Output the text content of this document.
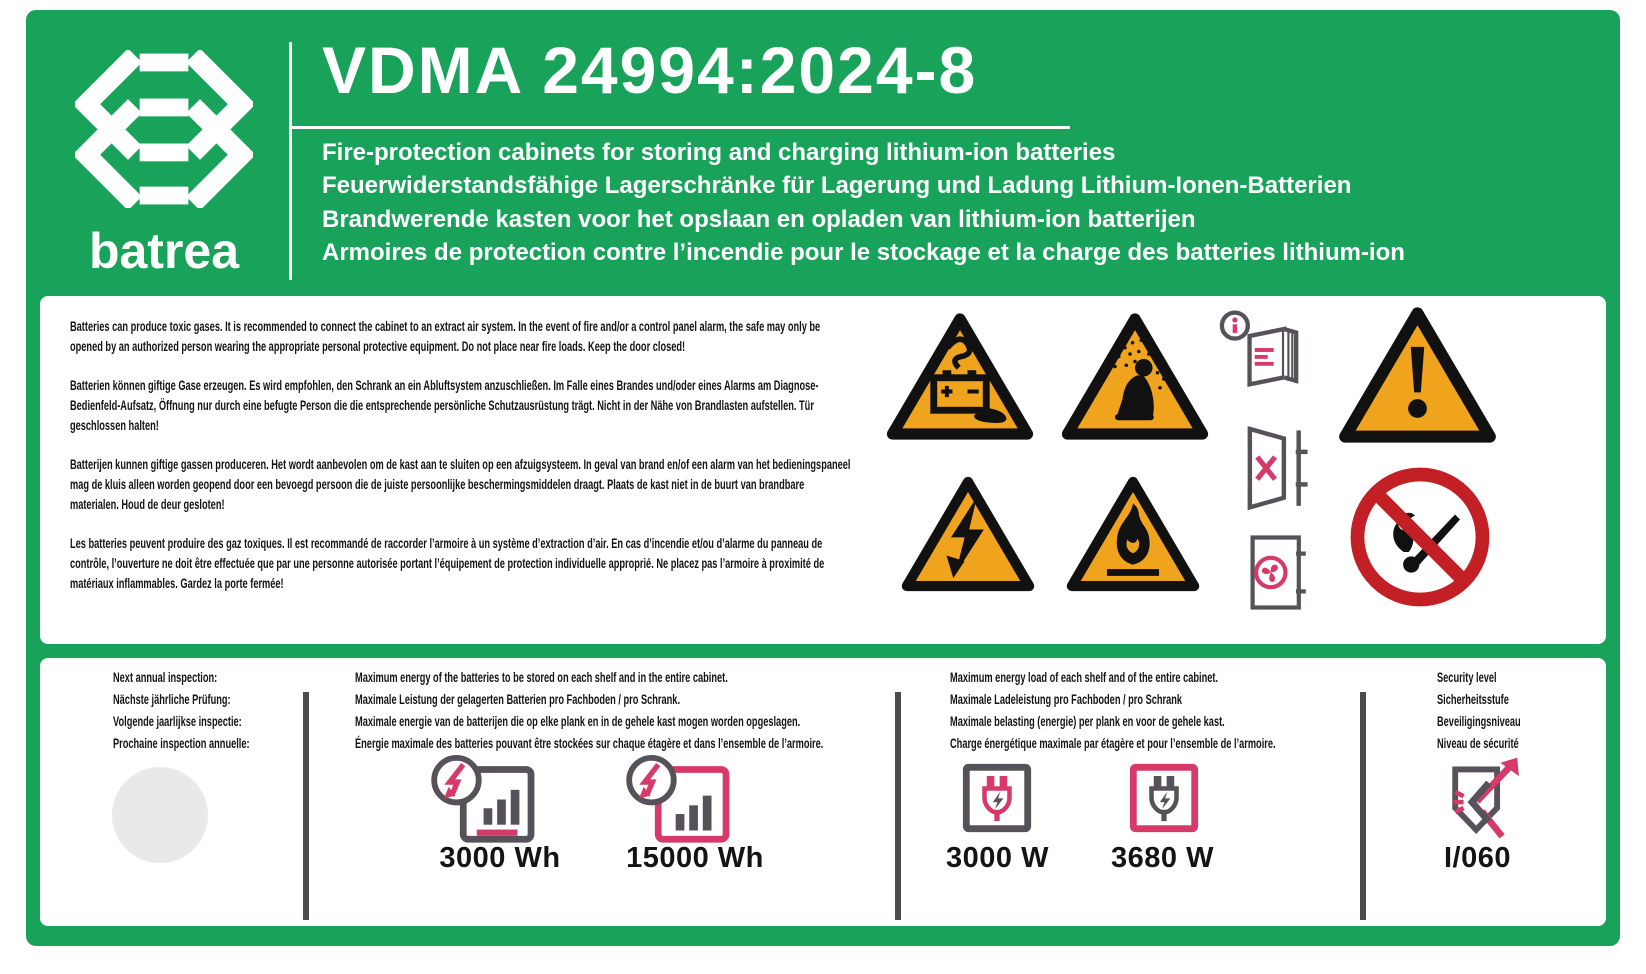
batrea
VDMA 24994:2024-8
Fire-protection cabinets for storing and charging lithium-ion batteries
Feuerwiderstandsfähige Lagerschränke für Lagerung und Ladung Lithium-Ionen-Batterien
Brandwerende kasten voor het opslaan en opladen van lithium-ion batterijen
Armoires de protection contre l’incendie pour le stockage et la charge des batteries lithium-ion

Batteries can produce toxic gases. It is recommended to connect the cabinet to an extract air system. In the event of fire and/or a control panel alarm, the safe may only be opened by an authorized person wearing the appropriate personal protective equipment. Do not place near fire loads. Keep the door closed!

Batterien können giftige Gase erzeugen. Es wird empfohlen, den Schrank an ein Abluftsystem anzuschließen. Im Falle eines Brandes und/oder eines Alarms am Diagnose-Bedienfeld-Aufsatz, Öffnung nur durch eine befugte Person die die entsprechende persönliche Schutzausrüstung trägt. Nicht in der Nähe von Brandlasten aufstellen. Tür geschlossen halten!

Batterijen kunnen giftige gassen produceren. Het wordt aanbevolen om de kast aan te sluiten op een afzuigsysteem. In geval van brand en/of een alarm van het bedieningspaneel mag de kluis alleen worden geopend door een bevoegd persoon die de juiste persoonlijke beschermingsmiddelen draagt. Plaats de kast niet in de buurt van brandbare materialen. Houd de deur gesloten!

Les batteries peuvent produire des gaz toxiques. Il est recommandé de raccorder l’armoire à un système d’extraction d’air. En cas d’incendie et/ou d’alarme du panneau de contrôle, l’ouverture ne doit être effectuée que par une personne autorisée portant l’équipement de protection individuelle approprié. Ne placez pas l’armoire à proximité de matériaux inflammables. Gardez la porte fermée!

Next annual inspection:
Nächste jährliche Prüfung:
Volgende jaarlijkse inspectie:
Prochaine inspection annuelle:
Maximum energy of the batteries to be stored on each shelf and in the entire cabinet.
Maximale Leistung der gelagerten Batterien pro Fachboden / pro Schrank.
Maximale energie van de batterijen die op elke plank en in de gehele kast mogen worden opgeslagen.
Énergie maximale des batteries pouvant être stockées sur chaque étagère et dans l’ensemble de l’armoire.
3000 Wh	15000 Wh
Maximum energy load of each shelf and of the entire cabinet.
Maximale Ladeleistung pro Fachboden / pro Schrank
Maximale belasting (energie) per plank en voor de gehele kast.
Charge énergétique maximale par étagère et pour l’ensemble de l’armoire.
3000 W	3680 W
Security level
Sicherheitsstufe
Beveiligingsniveau
Niveau de sécurité
I/060
